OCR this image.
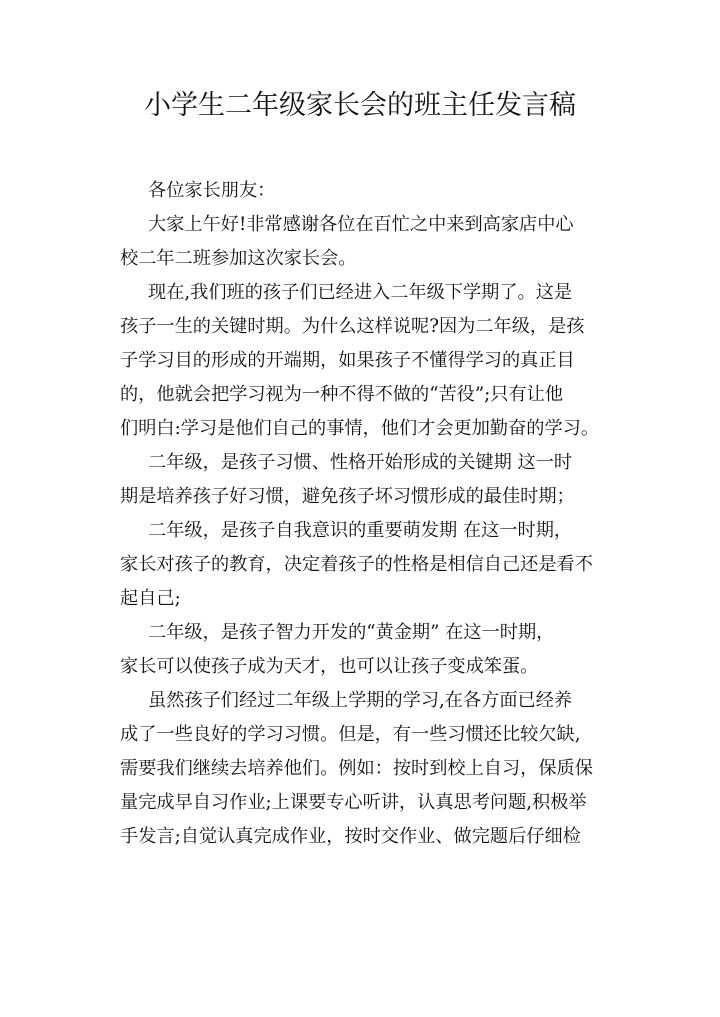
小学生二年级家长会的班主任发言稿
各位家长朋友：
大家上午好!非常感谢各位在百忙之中来到高家店中心
校二年二班参加这次家长会。
现在,我们班的孩子们已经进入二年级下学期了。这是
孩子一生的关键时期。为什么这样说呢?因为二年级，是孩
子学习目的形成的开端期，如果孩子不懂得学习的真正目
的，他就会把学习视为一种不得不做的“苦役”;只有让他
们明白:学习是他们自己的事情，他们才会更加勤奋的学习。
二年级，是孩子习惯、性格开始形成的关键期 这一时
期是培养孩子好习惯，避免孩子坏习惯形成的最佳时期；
二年级，是孩子自我意识的重要萌发期 在这一时期，
家长对孩子的教育，决定着孩子的性格是相信自己还是看不
起自己;
二年级，是孩子智力开发的“黄金期” 在这一时期，
家长可以使孩子成为天才，也可以让孩子变成笨蛋。
虽然孩子们经过二年级上学期的学习,在各方面已经养
成了一些良好的学习习惯。但是，有一些习惯还比较欠缺,
需要我们继续去培养他们。例如：按时到校上自习，保质保
量完成早自习作业;上课要专心听讲，认真思考问题,积极举
手发言;自觉认真完成作业，按时交作业、做完题后仔细检
